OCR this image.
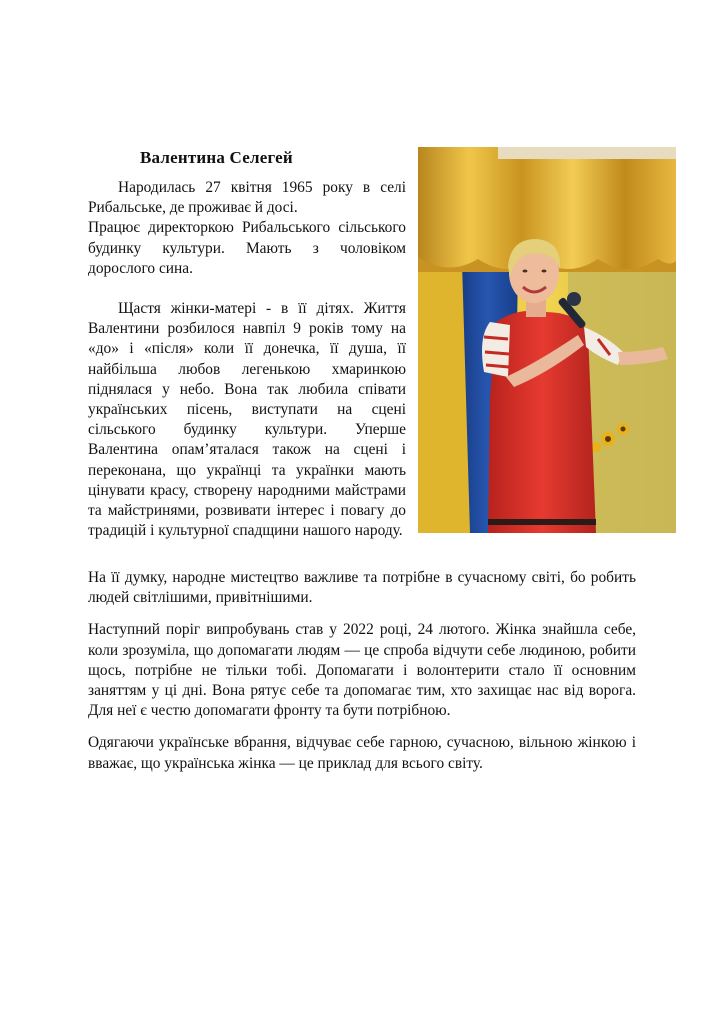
Валентина Селегей

Народилась 27 квітня 1965 року в селі Рибальське, де проживає й досі.

Працює директоркою Рибальського сільського будинку культури. Мають з чоловіком дорослого сина.

Щастя жінки-матері - в її дітях. Життя Валентини розбилося навпіл 9 років тому на «до» і «після» коли її донечка, її душа, її найбільша любов легенькою хмаринкою піднялася у небо. Вона так любила співати українських пісень, виступати на сцені сільського будинку культури. Уперше Валентина опам’яталася також на сцені і переконана, що українці та українки мають цінувати красу, створену народними майстрами та майстринями, розвивати інтерес і повагу до традицій і культурної спадщини нашого народу.

На її думку, народне мистецтво важливе та потрібне в сучасному світі, бо робить людей світлішими, привітнішими.

Наступний поріг випробувань став у 2022 році, 24 лютого. Жінка знайшла себе, коли зрозуміла, що допомагати людям — це спроба відчути себе людиною, робити щось, потрібне не тільки тобі. Допомагати і волонтерити стало її основним заняттям у ці дні. Вона рятує себе та допомагає тим, хто захищає нас від ворога. Для неї є честю допомагати фронту та бути потрібною.

Одягаючи українське вбрання, відчуває себе гарною, сучасною, вільною жінкою і вважає, що українська жінка — це приклад для всього світу.
